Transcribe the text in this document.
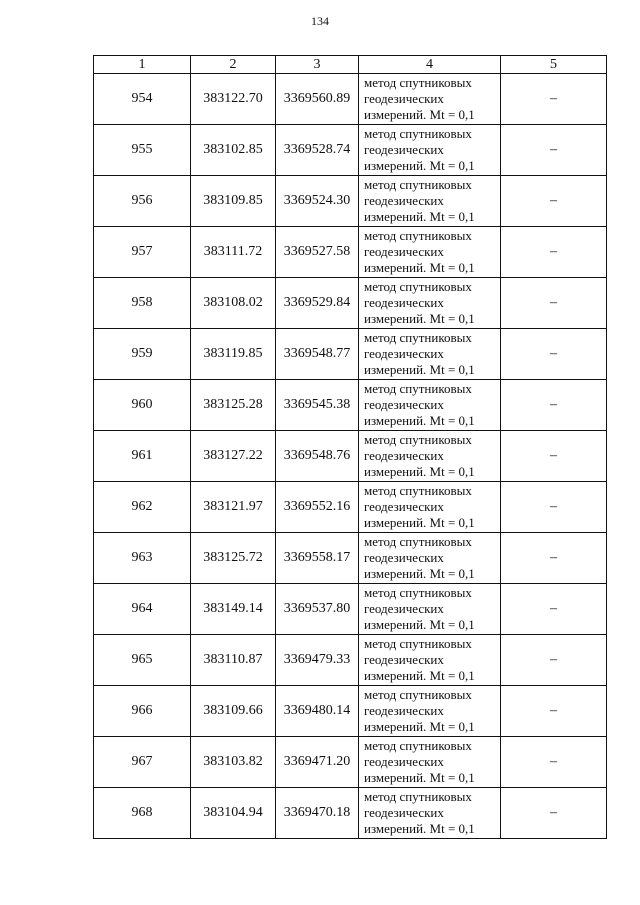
134
1	2	3	4	5
954	383122.70	3369560.89	метод спутниковых
геодезических
измерений. Mt = 0,1	–
955	383102.85	3369528.74	метод спутниковых
геодезических
измерений. Mt = 0,1	–
956	383109.85	3369524.30	метод спутниковых
геодезических
измерений. Mt = 0,1	–
957	383111.72	3369527.58	метод спутниковых
геодезических
измерений. Mt = 0,1	–
958	383108.02	3369529.84	метод спутниковых
геодезических
измерений. Mt = 0,1	–
959	383119.85	3369548.77	метод спутниковых
геодезических
измерений. Mt = 0,1	–
960	383125.28	3369545.38	метод спутниковых
геодезических
измерений. Mt = 0,1	–
961	383127.22	3369548.76	метод спутниковых
геодезических
измерений. Mt = 0,1	–
962	383121.97	3369552.16	метод спутниковых
геодезических
измерений. Mt = 0,1	–
963	383125.72	3369558.17	метод спутниковых
геодезических
измерений. Mt = 0,1	–
964	383149.14	3369537.80	метод спутниковых
геодезических
измерений. Mt = 0,1	–
965	383110.87	3369479.33	метод спутниковых
геодезических
измерений. Mt = 0,1	–
966	383109.66	3369480.14	метод спутниковых
геодезических
измерений. Mt = 0,1	–
967	383103.82	3369471.20	метод спутниковых
геодезических
измерений. Mt = 0,1	–
968	383104.94	3369470.18	метод спутниковых
геодезических
измерений. Mt = 0,1	–
